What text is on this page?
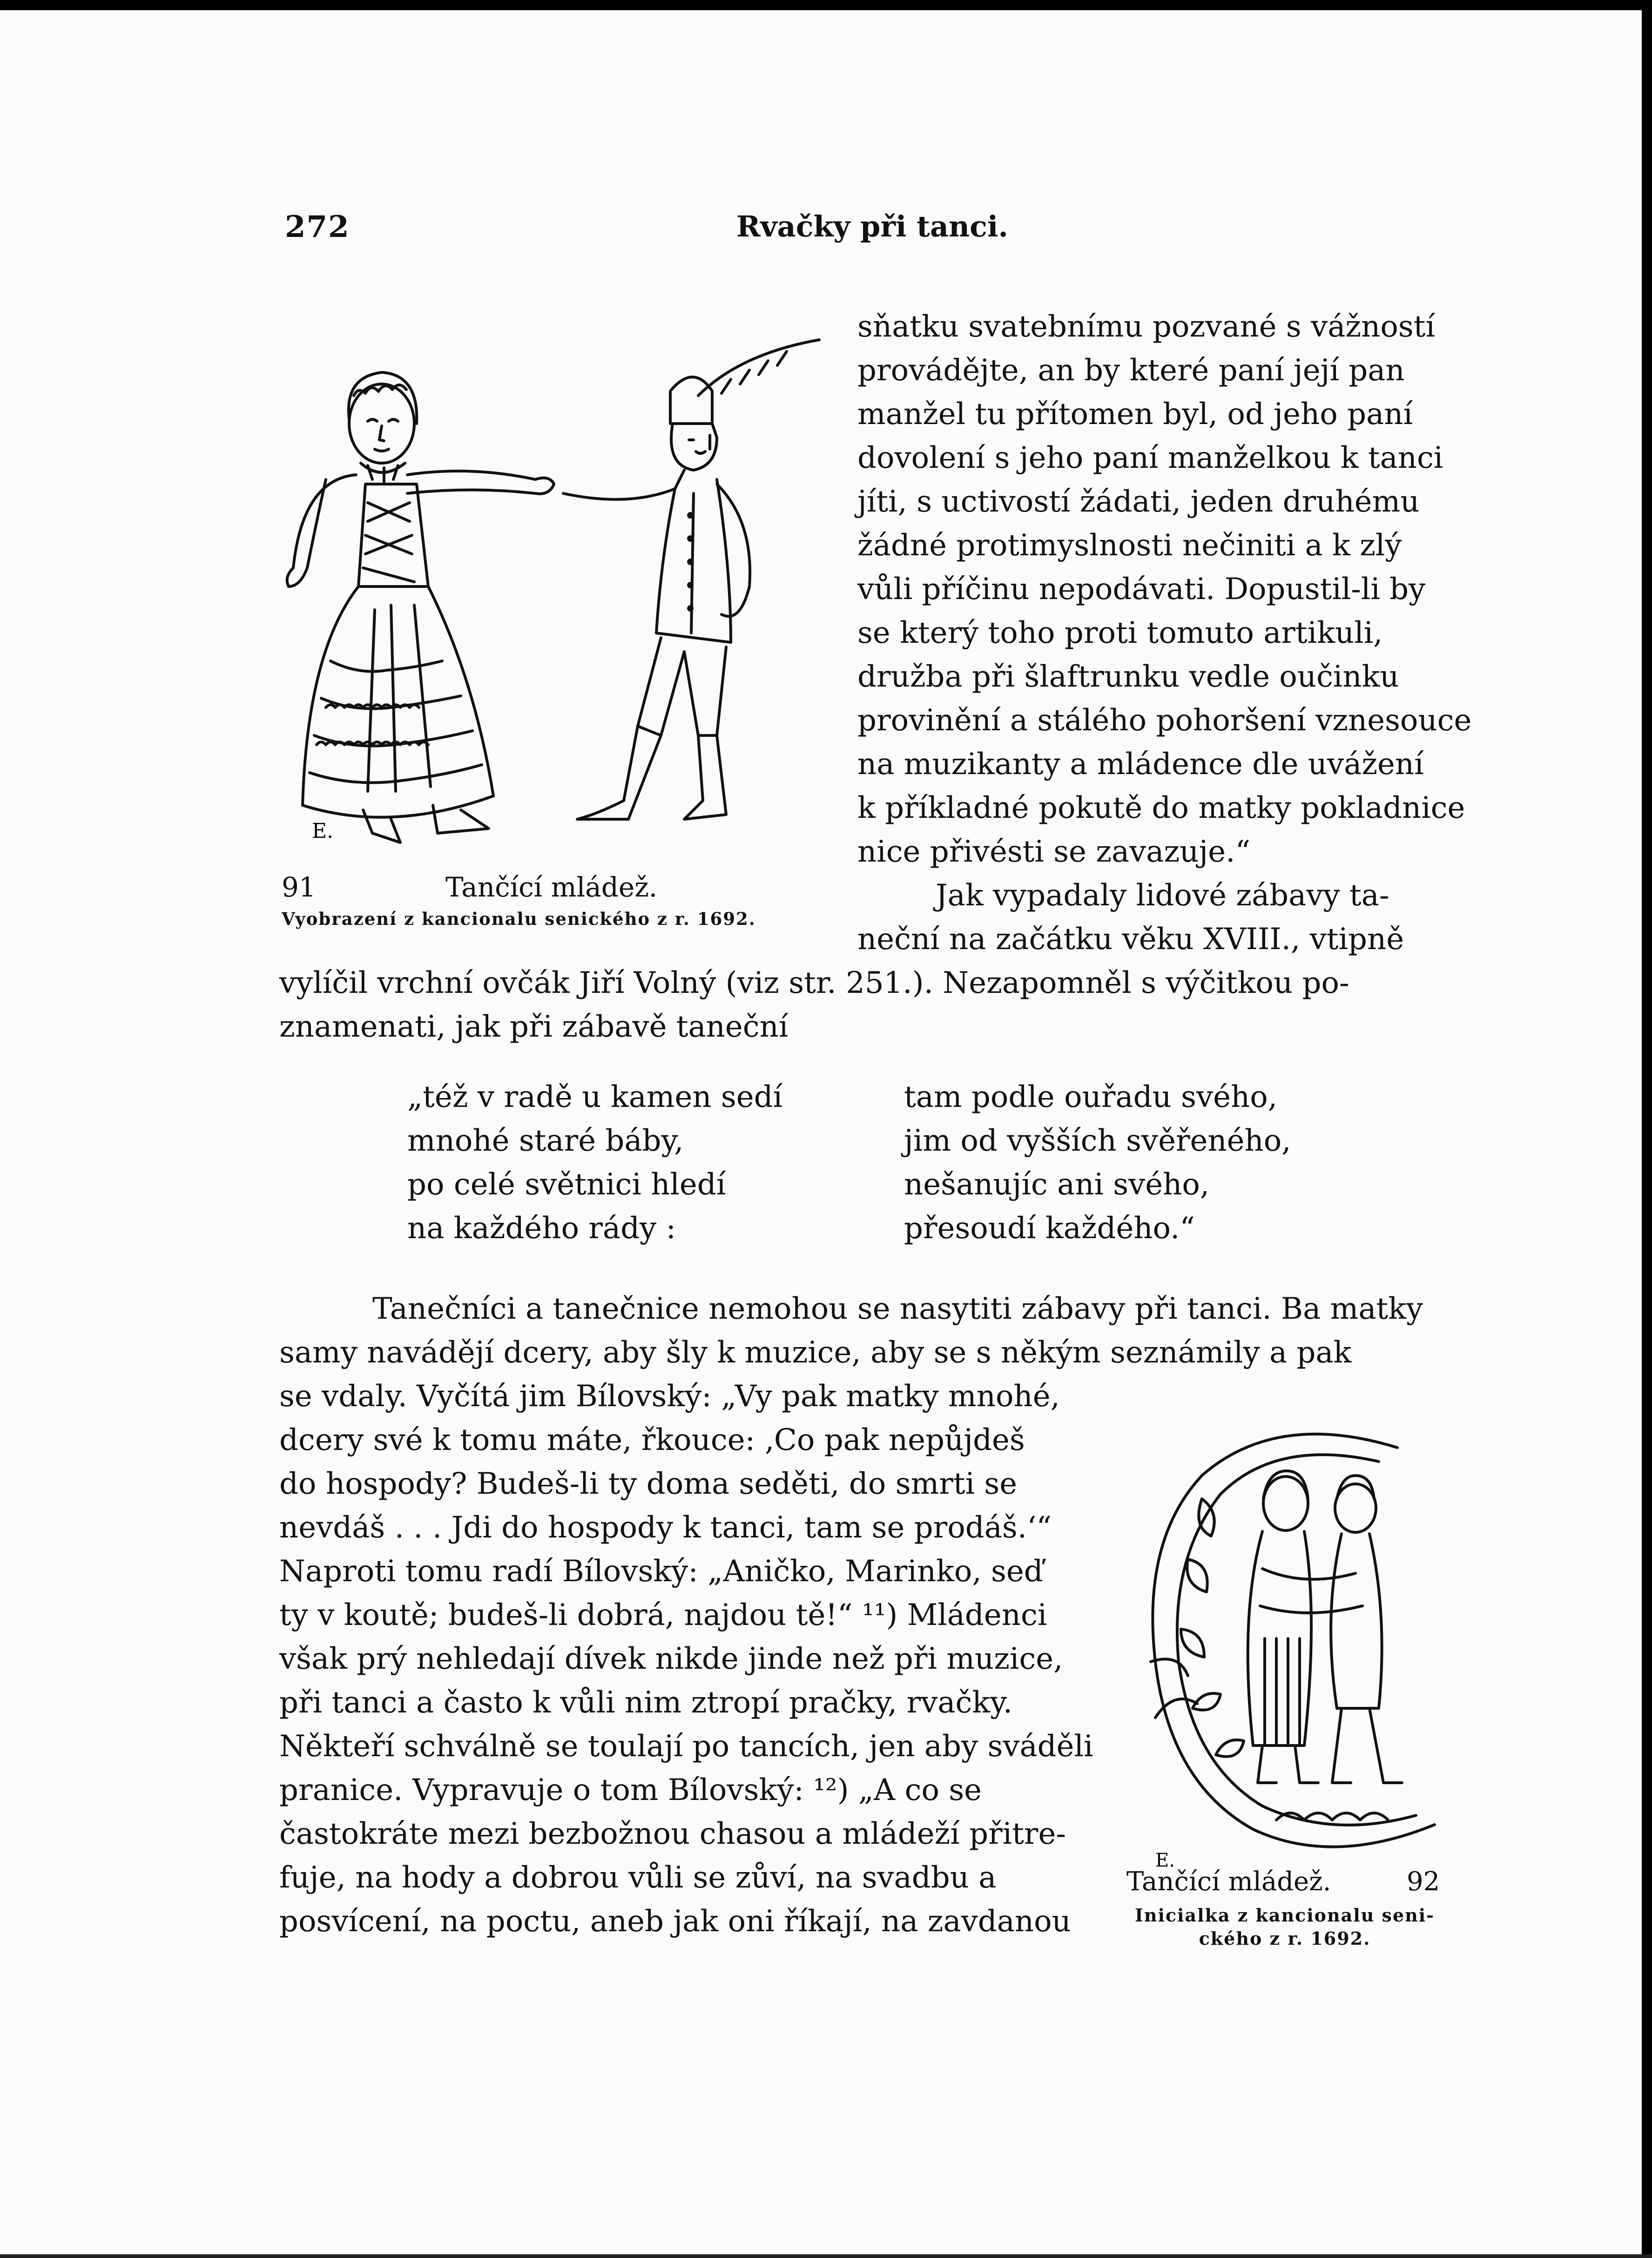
272	Rvačky při tanci.
E.
91	Tančící mládež.
Vyobrazení z kancionalu senického z r. 1692.
sňatku svatebnímu pozvané s vážností
provádějte, an by které paní její pan
manžel tu přítomen byl, od jeho paní
dovolení s jeho paní manželkou k tanci
jíti, s uctivostí žádati, jeden druhému
žádné protimyslnosti nečiniti a k zlý
vůli příčinu nepodávati. Dopustil-li by
se který toho proti tomuto artikuli,
družba při šlaftrunku vedle oučinku
provinění a stálého pohoršení vznesouce
na muzikanty a mládence dle uvážení
k příkladné pokutě do matky pokladnice
nice přivésti se zavazuje.“
Jak vypadaly lidové zábavy ta-
neční na začátku věku XVIII., vtipně
vylíčil vrchní ovčák Jiří Volný (viz str. 251.). Nezapomněl s výčitkou po-
znamenati, jak při zábavě taneční
„též v radě u kamen sedí
mnohé staré báby,
po celé světnici hledí
na každého rády :
tam podle ouřadu svého,
jim od vyšších svěřeného,
nešanujíc ani svého,
přesoudí každého.“
Tanečníci a tanečnice nemohou se nasytiti zábavy při tanci. Ba matky
samy navádějí dcery, aby šly k muzice, aby se s někým seznámily a pak
se vdaly. Vyčítá jim Bílovský: „Vy pak matky mnohé,
dcery své k tomu máte, řkouce: ‚Co pak nepůjdeš
do hospody? Budeš-li ty doma seděti, do smrti se
nevdáš . . . Jdi do hospody k tanci, tam se prodáš.‘“
Naproti tomu radí Bílovský: „Aničko, Marinko, seď
ty v koutě; budeš-li dobrá, najdou tě!“ ¹¹) Mládenci
však prý nehledají dívek nikde jinde než při muzice,
při tanci a často k vůli nim ztropí pračky, rvačky.
Někteří schválně se toulají po tancích, jen aby sváděli
pranice. Vypravuje o tom Bílovský: ¹²) „A co se
častokráte mezi bezbožnou chasou a mládeží přitre-
fuje, na hody a dobrou vůli se zůví, na svadbu a
posvícení, na poctu, aneb jak oni říkají, na zavdanou
E.
Tančící mládež.	92
Inicialka z kancionalu seni-
ckého z r. 1692.
